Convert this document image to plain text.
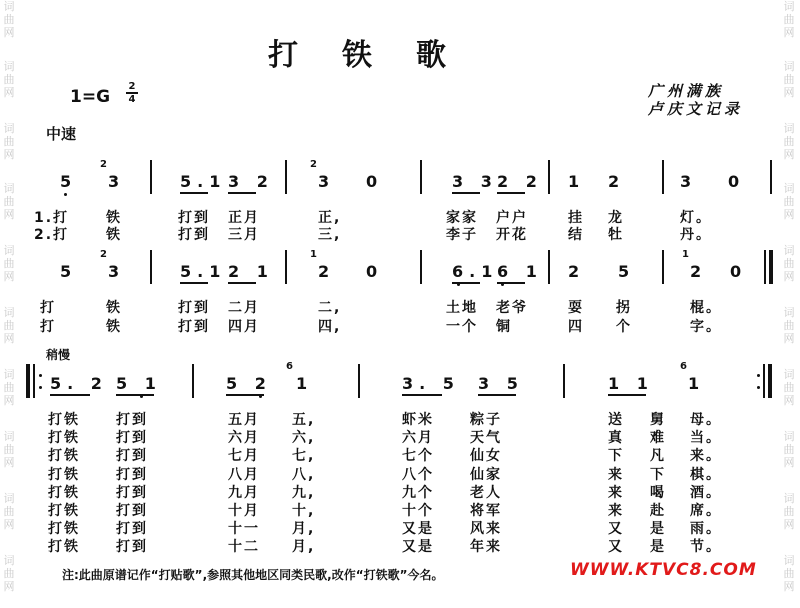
词曲网
词曲网
词曲网
词曲网
词曲网
词曲网
词曲网
词曲网
词曲网
词曲网
词曲网
词曲网
词曲网
词曲网
词曲网
词曲网
词曲网
词曲网
词曲网
词曲网
打铁歌
广州满族
卢庆文记录
1=G
2
4
中速
5 3	5.1 3 2	3 0	3 3 2 2 1 2	3 0
2	2
1.打	铁	打到 正月	正,	家家 户户	挂 龙	灯。
2.打	铁	打到 三月	三,	李子 开花	结 牡	丹。
5 3	5.1 2 1	2 0	6.1
6 1 2 5	2 0
2	1	1
打	铁	打到 二月	二,	土地 老爷	耍 拐	棍。
打	铁	打到 四月	四,	一个 铜	四 个	字。
稍慢
5. 2 5 1	5 2 1	3. 5 3 5	1 1 1
6	6
打铁	打到	五月 五,	虾米	粽子	送 舅 母。
打铁	打到	六月 六,	六月	天气	真 难 当。
打铁	打到	七月 七,	七个	仙女	下 凡 来。
打铁	打到	八月 八,	八个	仙家	来 下 棋。
打铁	打到	九月 九,	九个	老人	来 喝 酒。
打铁	打到	十月 十,	十个	将军	来 赴 席。
打铁	打到	十一 月,	又是	风来	又 是 雨。
打铁	打到	十二 月,	又是	年来	又 是 节。
注:此曲原谱记作“打贴歌”,参照其他地区同类民歌,改作“打铁歌”今名。	WWW.KTVC8.COM
